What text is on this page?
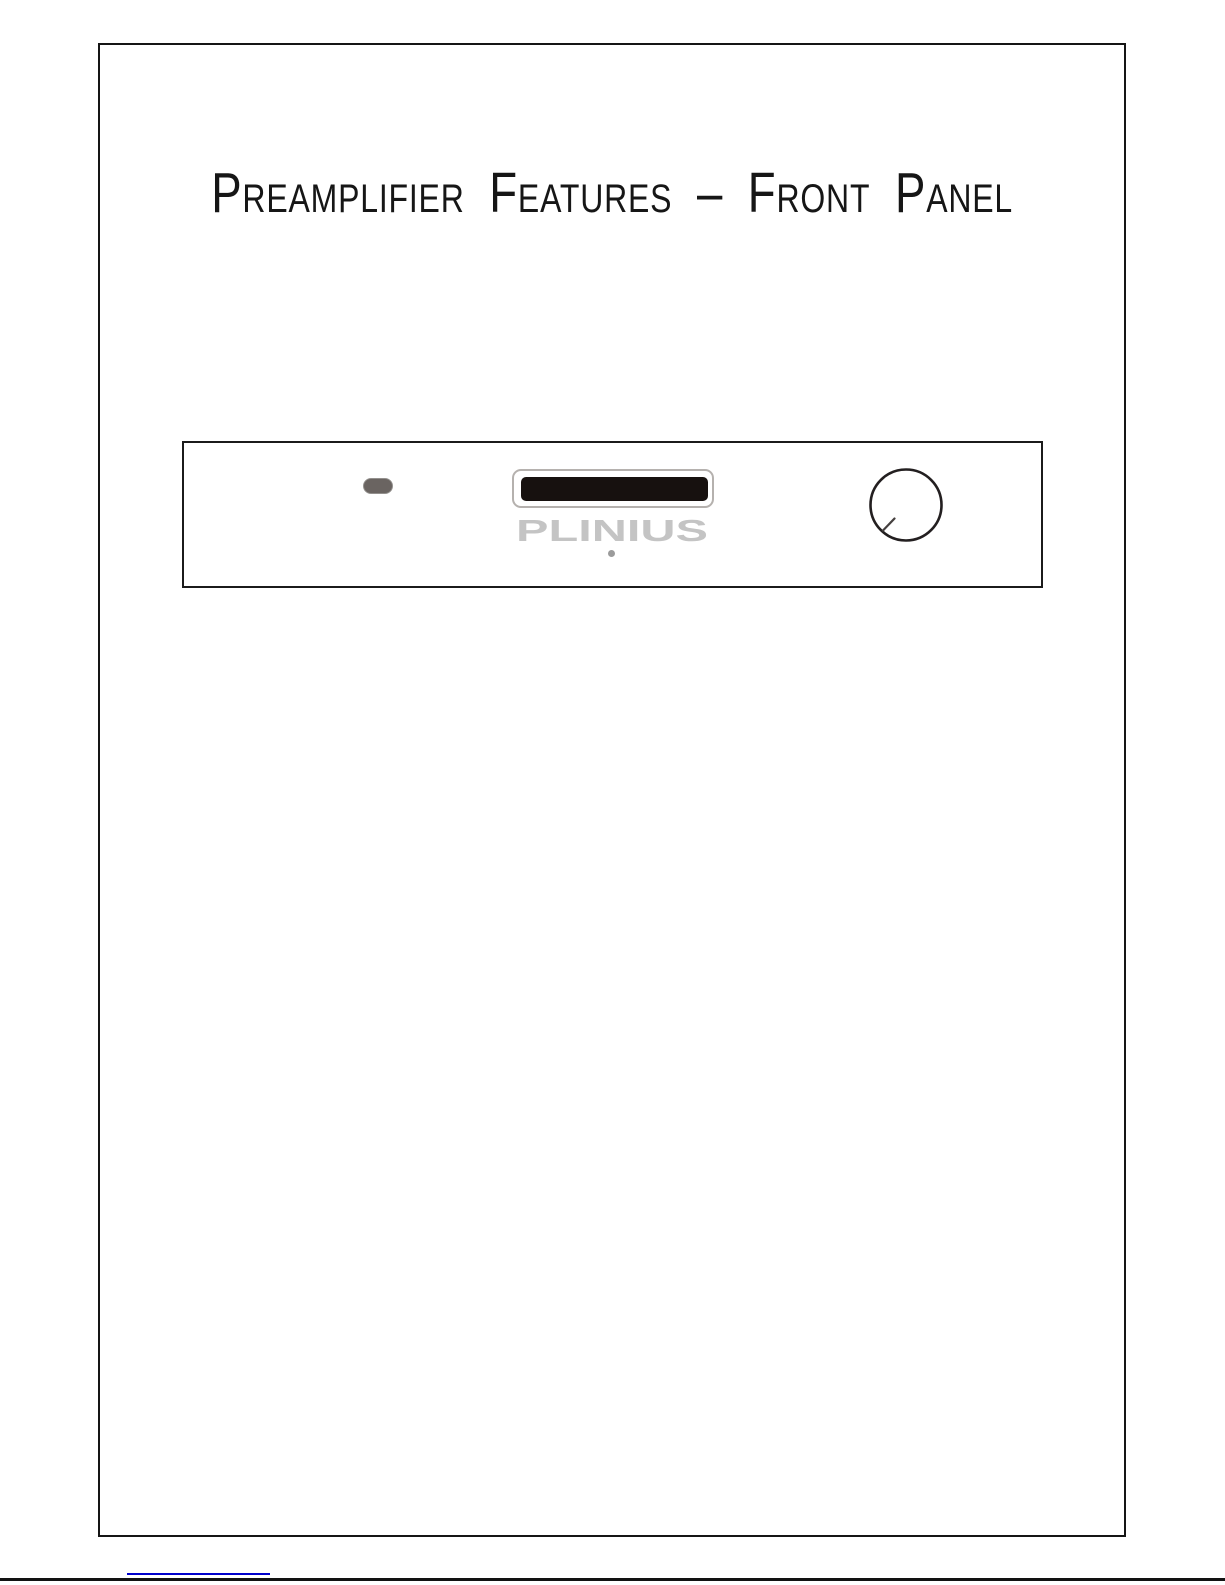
Preamplifier Features – Front Panel
PLINIUS
